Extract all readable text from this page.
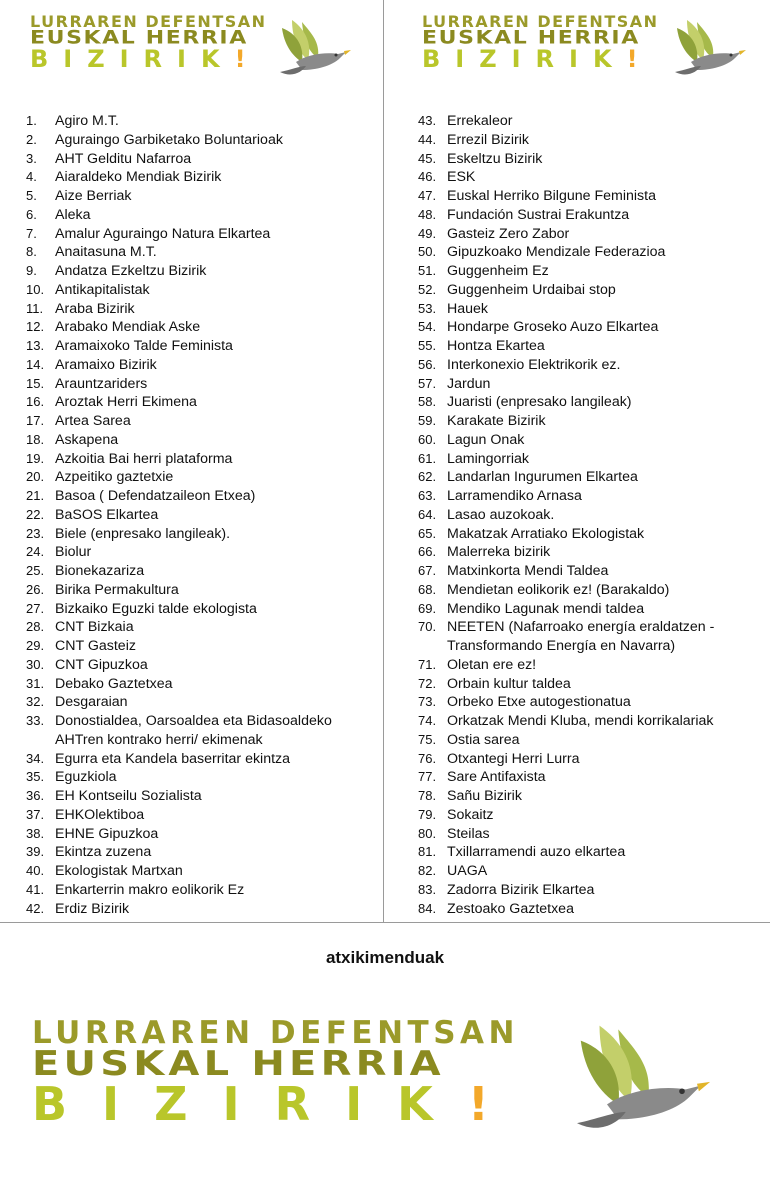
LURRAREN DEFENTSAN
EUSKAL HERRIA
BIZIRIK!
1.	Agiro M.T.
2.	Aguraingo Garbiketako Boluntarioak
3.	AHT Gelditu Nafarroa
4.	Aiaraldeko Mendiak Bizirik
5.	Aize Berriak
6.	Aleka
7.	Amalur Aguraingo Natura Elkartea
8.	Anaitasuna M.T.
9.	Andatza Ezkeltzu Bizirik
10. Antikapitalistak
11. Araba Bizirik
12. Arabako Mendiak Aske
13. Aramaixoko Talde Feminista
14. Aramaixo Bizirik
15. Arauntzariders
16. Aroztak Herri Ekimena
17. Artea Sarea
18. Askapena
19. Azkoitia Bai herri plataforma
20. Azpeitiko gaztetxie
21. Basoa ( Defendatzaileon Etxea)
22. BaSOS Elkartea
23. Biele (enpresako langileak).
24. Biolur
25. Bionekazariza
26. Birika Permakultura
27. Bizkaiko Eguzki talde ekologista
28. CNT Bizkaia
29. CNT Gasteiz
30. CNT Gipuzkoa
31. Debako Gaztetxea
32. Desgaraian
33. Donostialdea, Oarsoaldea eta Bidasoaldeko
AHTren kontrako herri/ ekimenak
34. Egurra eta Kandela baserritar ekintza
35. Eguzkiola
36. EH Kontseilu Sozialista
37. EHKOlektiboa
38. EHNE Gipuzkoa
39. Ekintza zuzena
40. Ekologistak Martxan
41. Enkarterrin makro eolikorik Ez
42. Erdiz Bizirik
LURRAREN DEFENTSAN
EUSKAL HERRIA
BIZIRIK!
43. Errekaleor
44. Errezil Bizirik
45. Eskeltzu Bizirik
46. ESK
47. Euskal Herriko Bilgune Feminista
48. Fundación Sustrai Erakuntza
49. Gasteiz Zero Zabor
50. Gipuzkoako Mendizale Federazioa
51. Guggenheim Ez
52. Guggenheim Urdaibai stop
53. Hauek
54. Hondarpe Groseko Auzo Elkartea
55. Hontza Ekartea
56. Interkonexio Elektrikorik ez.
57. Jardun
58. Juaristi (enpresako langileak)
59. Karakate Bizirik
60. Lagun Onak
61. Lamingorriak
62. Landarlan Ingurumen Elkartea
63. Larramendiko Arnasa
64. Lasao auzokoak.
65. Makatzak Arratiako Ekologistak
66. Malerreka bizirik
67. Matxinkorta Mendi Taldea
68. Mendietan eolikorik ez! (Barakaldo)
69. Mendiko Lagunak mendi taldea
70. NEETEN (Nafarroako energía eraldatzen -
Transformando Energía en Navarra)
71. Oletan ere ez!
72. Orbain kultur taldea
73. Orbeko Etxe autogestionatua
74. Orkatzak Mendi Kluba, mendi korrikalariak
75. Ostia sarea
76. Otxantegi Herri Lurra
77. Sare Antifaxista
78. Sañu Bizirik
79. Sokaitz
80. Steilas
81. Txillarramendi auzo elkartea
82. UAGA
83. Zadorra Bizirik Elkartea
84. Zestoako Gaztetxea
atxikimenduak
LURRAREN DEFENTSAN
EUSKAL HERRIA
BIZIRIK!
